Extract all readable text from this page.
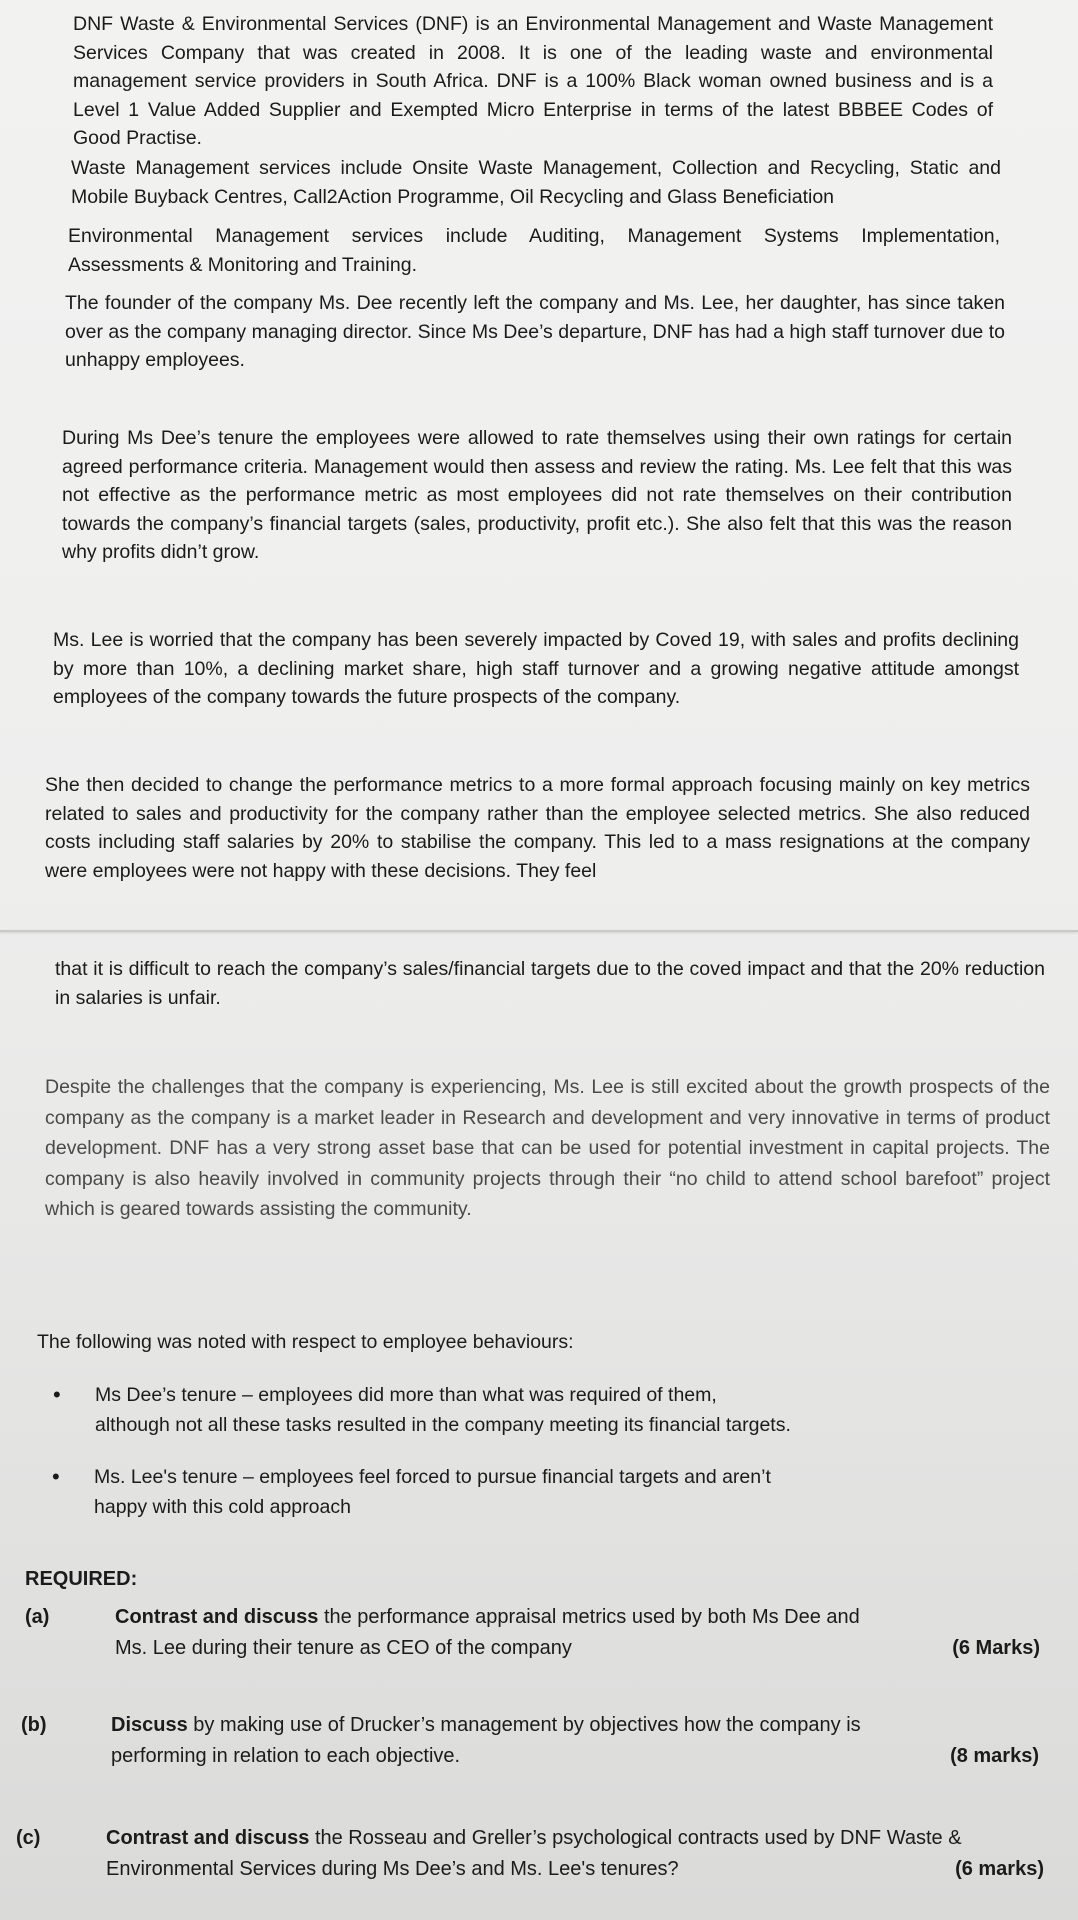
DNF Waste & Environmental Services (DNF) is an Environmental Management and Waste Management Services Company that was created in 2008. It is one of the leading waste and environmental management service providers in South Africa. DNF is a 100% Black woman owned business and is a Level 1 Value Added Supplier and Exempted Micro Enterprise in terms of the latest BBBEE Codes of Good Practise.

Waste Management services include Onsite Waste Management, Collection and Recycling, Static and Mobile Buyback Centres, Call2Action Programme, Oil Recycling and Glass Beneficiation

Environmental Management services include Auditing, Management Systems Implementation, Assessments & Monitoring and Training.

The founder of the company Ms. Dee recently left the company and Ms. Lee, her daughter, has since taken over as the company managing director. Since Ms Dee’s departure, DNF has had a high staff turnover due to unhappy employees.

During Ms Dee’s tenure the employees were allowed to rate themselves using their own ratings for certain agreed performance criteria. Management would then assess and review the rating. Ms. Lee felt that this was not effective as the performance metric as most employees did not rate themselves on their contribution towards the company’s financial targets (sales, productivity, profit etc.). She also felt that this was the reason why profits didn’t grow.

Ms. Lee is worried that the company has been severely impacted by Coved 19, with sales and profits declining by more than 10%, a declining market share, high staff turnover and a growing negative attitude amongst employees of the company towards the future prospects of the company.

She then decided to change the performance metrics to a more formal approach focusing mainly on key metrics related to sales and productivity for the company rather than the employee selected metrics. She also reduced costs including staff salaries by 20% to stabilise the company. This led to a mass resignations at the company were employees were not happy with these decisions. They feel

that it is difficult to reach the company’s sales/financial targets due to the coved impact and that the 20% reduction in salaries is unfair.

Despite the challenges that the company is experiencing, Ms. Lee is still excited about the growth prospects of the company as the company is a market leader in Research and development and very innovative in terms of product development. DNF has a very strong asset base that can be used for potential investment in capital projects. The company is also heavily involved in community projects through their “no child to attend school barefoot” project which is geared towards assisting the community.

The following was noted with respect to employee behaviours:

•	Ms Dee’s tenure – employees did more than what was required of them, although not all these tasks resulted in the company meeting its financial targets.
•	Ms. Lee's tenure – employees feel forced to pursue financial targets and aren’t happy with this cold approach
REQUIRED:
(a)	Contrast and discuss the performance appraisal metrics used by both Ms Dee and
Ms. Lee during their tenure as CEO of the company	(6 Marks)
(b)	Discuss by making use of Drucker’s management by objectives how the company is
performing in relation to each objective.	(8 marks)
(c)	Contrast and discuss the Rosseau and Greller’s psychological contracts used by DNF Waste &
Environmental Services during Ms Dee’s and Ms. Lee's tenures?	(6 marks)
